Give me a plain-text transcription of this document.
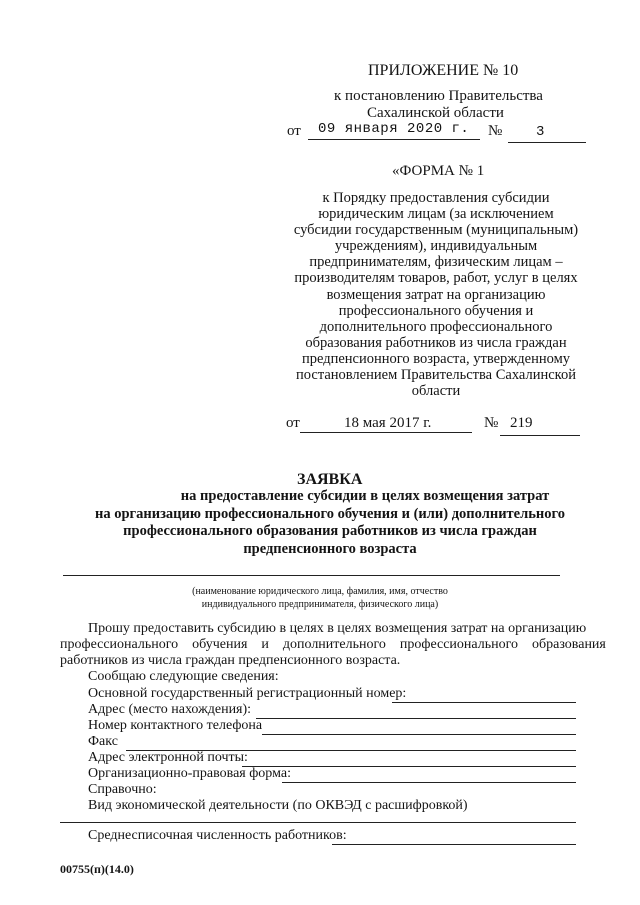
ПРИЛОЖЕНИЕ № 10
к постановлению Правительства
Сахалинской области
от 09 января 2020 г. № 3
«ФОРМА № 1
к Порядку предоставления субсидии
юридическим лицам (за исключением
субсидии государственным (муниципальным)
учреждениям), индивидуальным
предпринимателям, физическим лицам –
производителям товаров, работ, услуг в целях
возмещения затрат на организацию
профессионального обучения и
дополнительного профессионального
образования работников из числа граждан
предпенсионного возраста, утвержденному
постановлением Правительства Сахалинской
области
от	18 мая 2017 г.	№ 219
ЗАЯВКА
на предоставление субсидии в целях возмещения затрат
на организацию профессионального обучения и (или) дополнительного
профессионального образования работников из числа граждан
предпенсионного возраста
(наименование юридического лица, фамилия, имя, отчество
индивидуального предпринимателя, физического лица)
Прошу предоставить субсидию в целях в целях возмещения затрат на организацию
профессионального    обучения    и    дополнительного    профессионального    образования
работников из числа граждан предпенсионного возраста.
Сообщаю следующие сведения:
Основной государственный регистрационный номер:
Адрес (место нахождения):
Номер контактного телефона
Факс
Адрес электронной почты:
Организационно-правовая форма:
Справочно:
Вид экономической деятельности (по ОКВЭД с расшифровкой)
Среднесписочная численность работников:
00755(п)(14.0)
